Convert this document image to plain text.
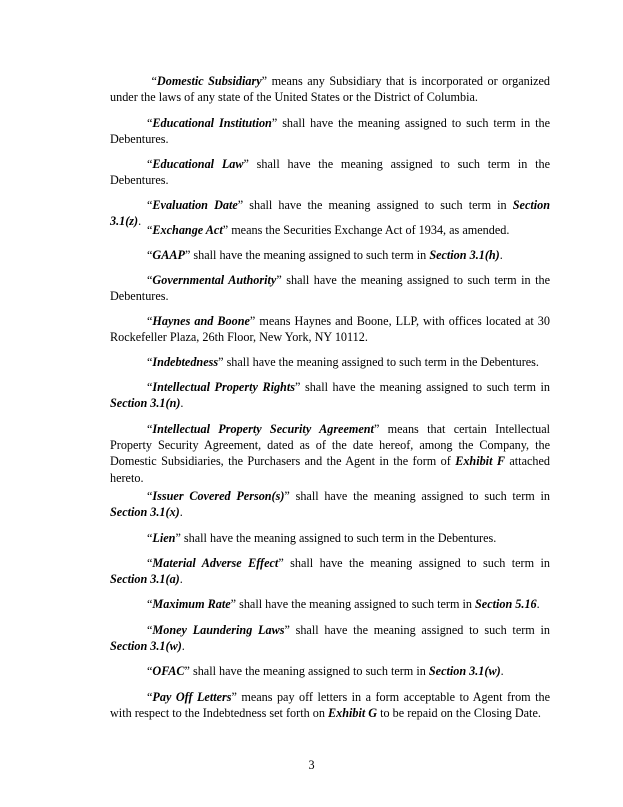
“Domestic Subsidiary” means any Subsidiary that is incorporated or organized under the laws of any state of the United States or the District of Columbia.

“Educational Institution” shall have the meaning assigned to such term in the Debentures.

“Educational Law” shall have the meaning assigned to such term in the Debentures.

“Evaluation Date” shall have the meaning assigned to such term in Section 3.1(z).

“Exchange Act” means the Securities Exchange Act of 1934, as amended.

“GAAP” shall have the meaning assigned to such term in Section 3.1(h).

“Governmental Authority” shall have the meaning assigned to such term in the Debentures.

“Haynes and Boone” means Haynes and Boone, LLP, with offices located at 30 Rockefeller Plaza, 26th Floor, New York, NY 10112.

“Indebtedness” shall have the meaning assigned to such term in the Debentures.

“Intellectual Property Rights” shall have the meaning assigned to such term in Section 3.1(n).

“Intellectual Property Security Agreement” means that certain Intellectual Property Security Agreement, dated as of the date hereof, among the Company, the Domestic Subsidiaries, the Purchasers and the Agent in the form of Exhibit F attached hereto.

“Issuer Covered Person(s)” shall have the meaning assigned to such term in Section 3.1(x).

“Lien” shall have the meaning assigned to such term in the Debentures.

“Material Adverse Effect” shall have the meaning assigned to such term in Section 3.1(a).

“Maximum Rate” shall have the meaning assigned to such term in Section 5.16.

“Money Laundering Laws” shall have the meaning assigned to such term in Section 3.1(w).

“OFAC” shall have the meaning assigned to such term in Section 3.1(w).

“Pay Off Letters” means pay off letters in a form acceptable to Agent from the with respect to the Indebtedness set forth on Exhibit G to be repaid on the Closing Date.

3
